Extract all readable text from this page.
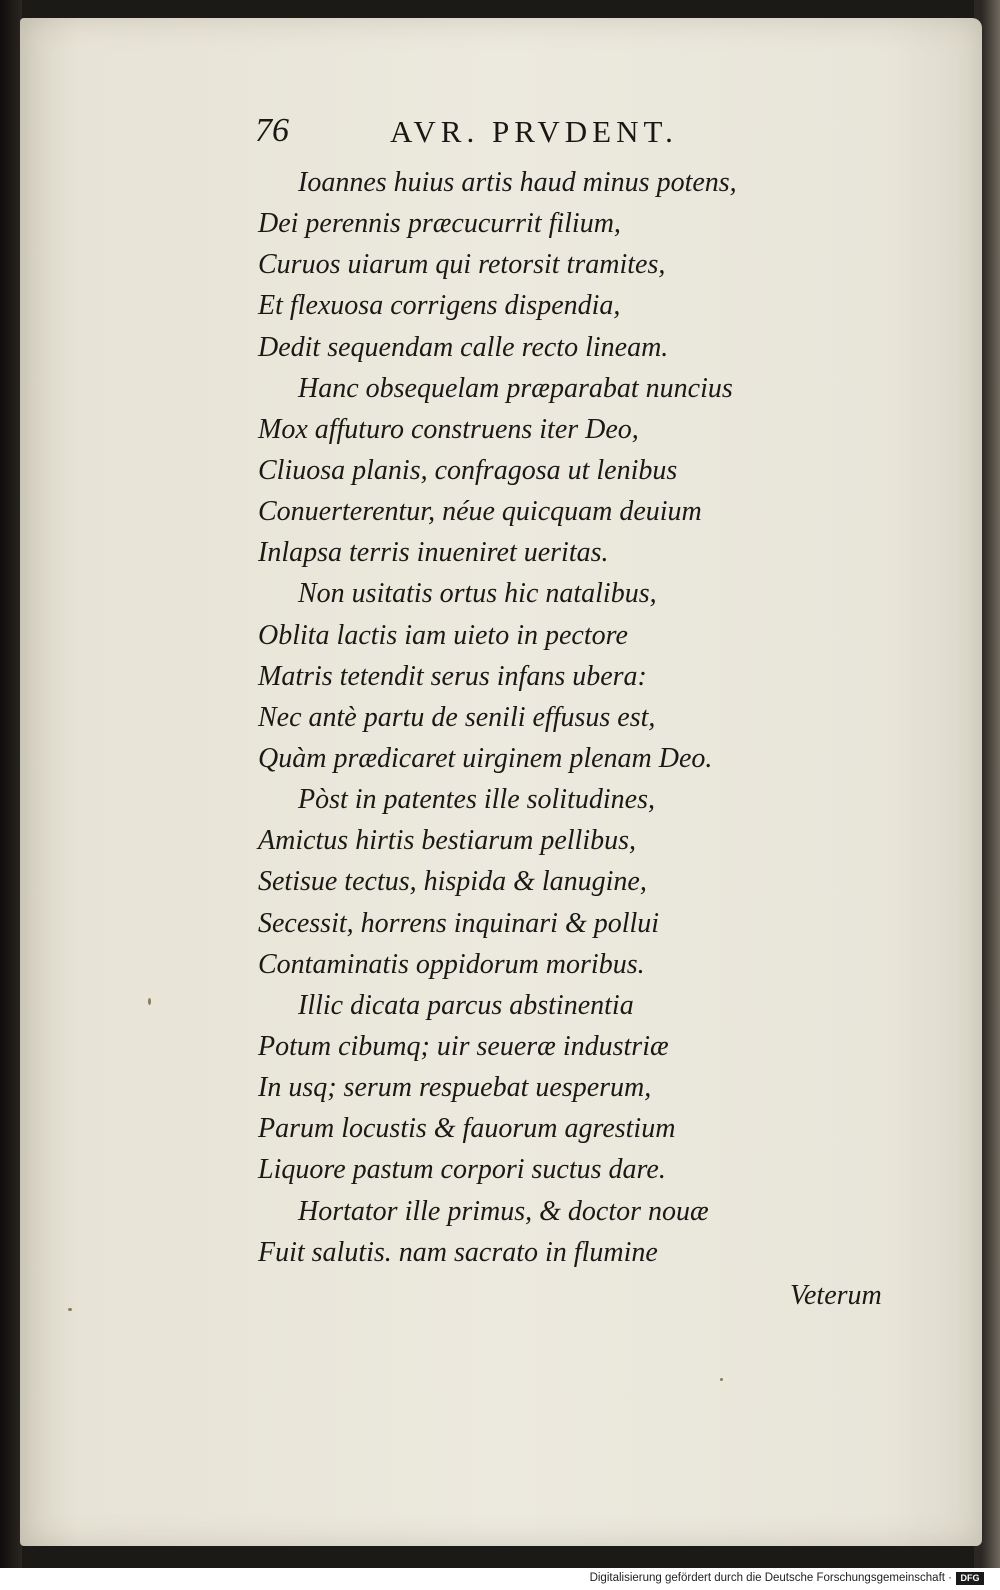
76	AVR. PRVDENT.
Ioannes huius artis haud minus potens,
Dei perennis præcucurrit filium,
Curuos uiarum qui retorsit tramites,
Et flexuosa corrigens dispendia,
Dedit sequendam calle recto lineam.
Hanc obsequelam præparabat nuncius
Mox affuturo construens iter Deo,
Cliuosa planis, confragosa ut lenibus
Conuerterentur, néue quicquam deuium
Inlapsa terris inueniret ueritas.
Non usitatis ortus hic natalibus,
Oblita lactis iam uieto in pectore
Matris tetendit serus infans ubera:
Nec antè partu de senili effusus est,
Quàm prædicaret uirginem plenam Deo.
Pòst in patentes ille solitudines,
Amictus hirtis bestiarum pellibus,
Setisue tectus, hispida & lanugine,
Secessit, horrens inquinari & pollui
Contaminatis oppidorum moribus.
Illic dicata parcus abstinentia
Potum cibumq; uir seueræ industriæ
In usq; serum respuebat uesperum,
Parum locustis & fauorum agrestium
Liquore pastum corpori suctus dare.
Hortator ille primus, & doctor nouæ
Fuit salutis. nam sacrato in flumine
Veterum
Digitalisierung gefördert durch die Deutsche Forschungsgemeinschaft · DFG
